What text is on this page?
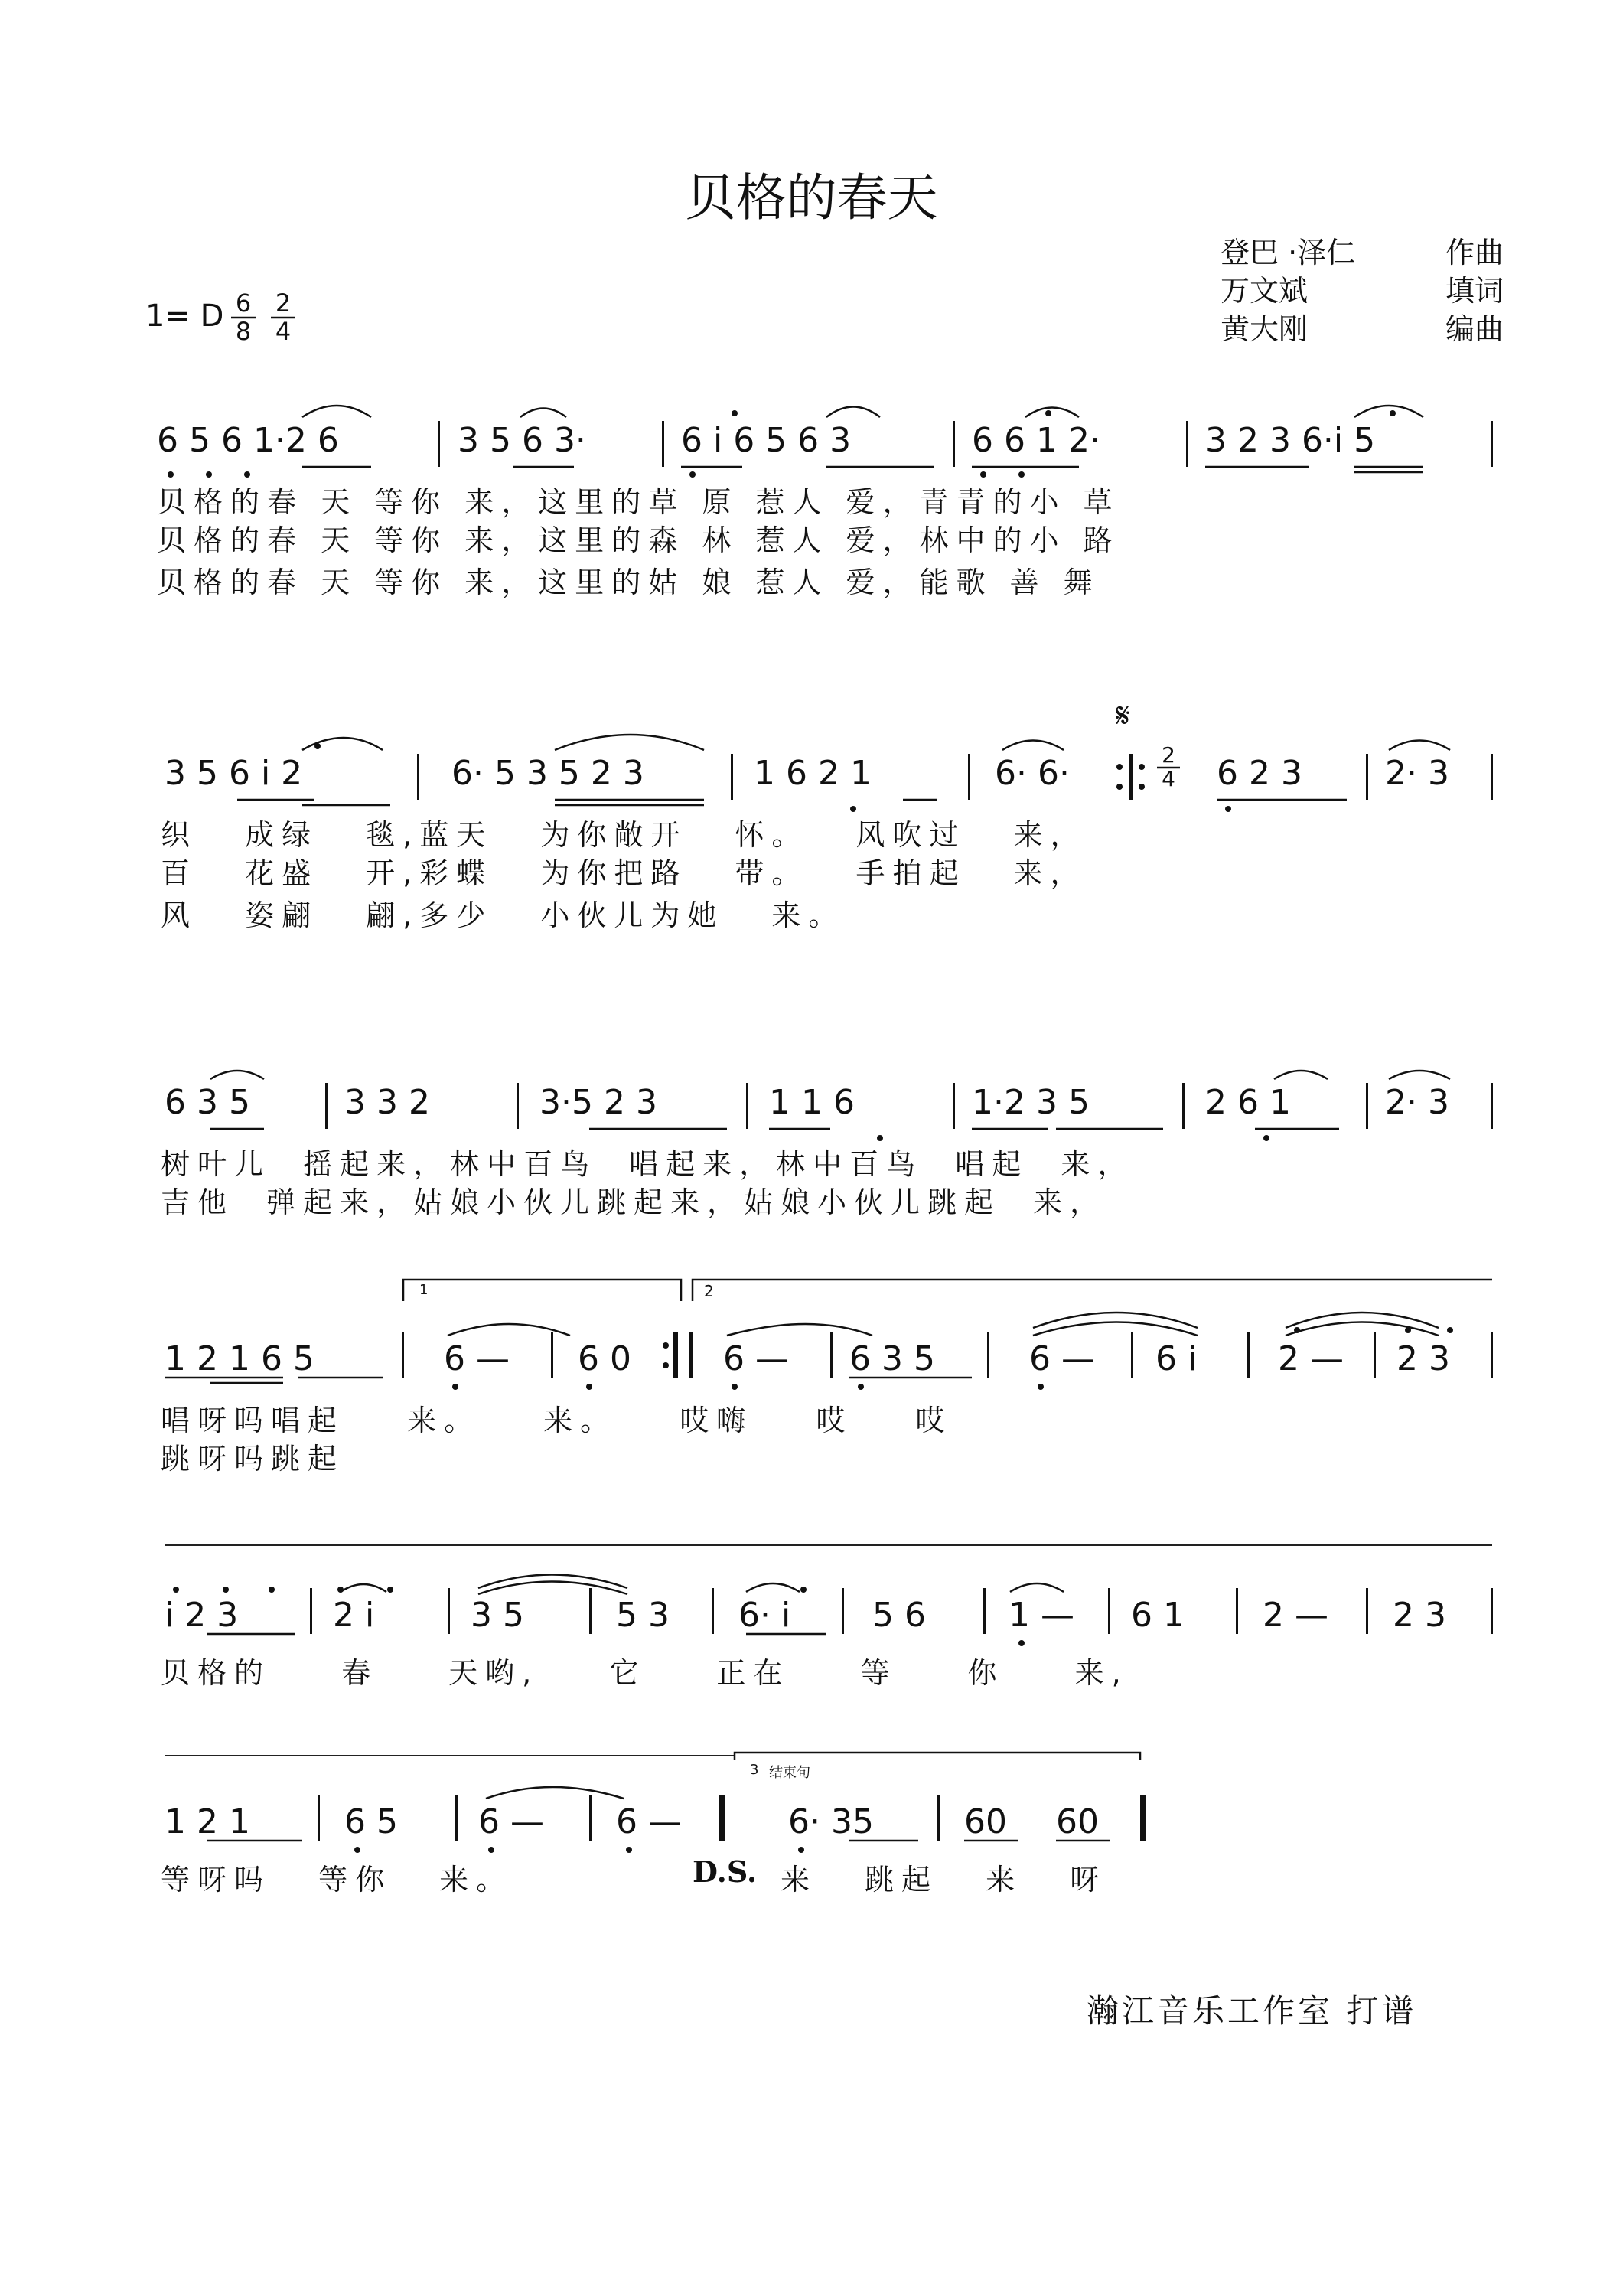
贝格的春天
登巴 ·泽仁	作曲
万文斌	填词
黄大刚	编曲
1= D 6
8
2
4
6 5 6 1·2 6	3 5 6 3·	6 i 6 5 6 3	6 6 1 2·	3 2 3 6·i 5
贝格的春 天 等你 来，这里的草 原 惹人 爱，青青的小 草
贝格的春 天 等你 来，这里的森 林 惹人 爱，林中的小 路
贝格的春 天 等你 来，这里的姑 娘 惹人 爱，能歌 善 舞
𝄋
3 5 6 i 2	6· 5 3 5 2 3	1 6 2 1	6· 6·	2
4 6 2 3 2· 3
织 成绿 毯,蓝天 为你敞开 怀。 风吹过 来，
百 花盛 开,彩蝶 为你把路 带。 手拍起 来，
风 姿翩 翩,多少 小伙儿为她 来。
6 3 5	3 3 2	3·5 2 3	1 1 6	1·2 3 5	2 6 1	2· 3
树叶儿 摇起来，林中百鸟 唱起来，林中百鸟 唱起 来，
吉他 弹起来，姑娘小伙儿跳起来，姑娘小伙儿跳起 来，
1	2
1 2 1 6 5	6 — 6 0	6 — 6 3 5	6 — 6 i 2 — 2 3
唱呀吗唱起 来。 来。 哎嗨 哎 哎
跳呀吗跳起
i 2 3	2 i	3 5	5 3 6· i 5 6 1 — 6 1 2 — 2 3
贝格的 春 天哟, 它 正在 等 你 来,
3 结束句
1 2 1	6 5 6 — 6 —	6· 35	60 60
等呀吗 等你 来。	D.S. 来 跳起 来 呀
瀚江音乐工作室 打谱
